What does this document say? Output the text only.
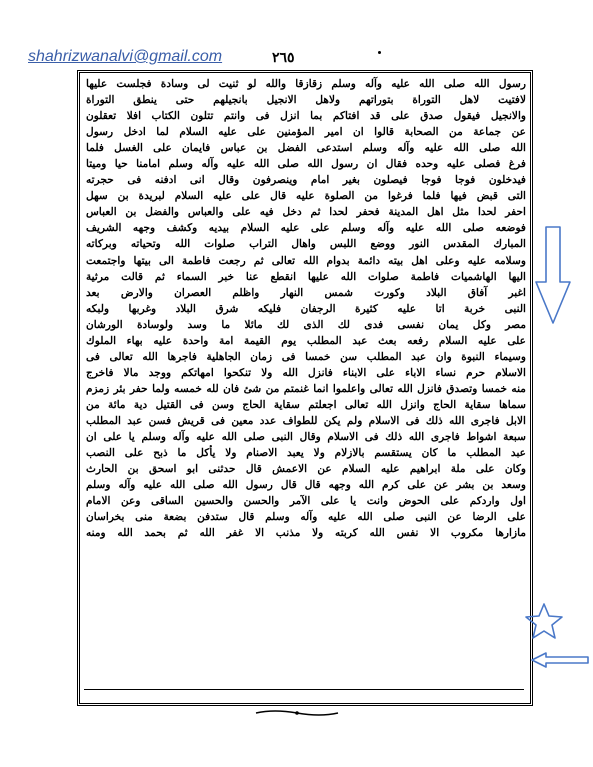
shahrizwanalvi@gmail.com	٢٦٥
رسول الله صلى الله عليه وآله وسلم زقازقا والله لو ثنيت لى وسادة فجلست عليها
لافتيت لاهل التوراة بتوراتهم ولاهل الانجيل بانجيلهم حتى ينطق التوراة
والانجيل فيقول صدق على قد افتاكم بما انزل فى وانتم تتلون الكتاب افلا تعقلون
عن جماعة من الصحابة قالوا ان امير المؤمنين على عليه السلام لما ادخل رسول
الله صلى الله عليه وآله وسلم استدعى الفضل بن عباس فايمان على الغسل فلما
فرغ فصلى عليه وحده فقال ان رسول الله صلى الله عليه وآله وسلم امامنا حيا وميتا
فيدخلون فوجا فوجا فيصلون بغير امام وينصرفون وقال انى ادفنه فى حجرته
التى قبض فيها فلما فرغوا من الصلوة عليه قال على عليه السلام لبريدة بن سهل
احفر لحدا مثل اهل المدينة فحفر لحدا ثم دخل فيه على والعباس والفضل بن العباس
فوضعه صلى الله عليه وآله وسلم على عليه السلام بيديه وكشف وجهه الشريف
المبارك المقدس النور ووضع اللبس واهال التراب صلوات الله وتحياته وبركاته
وسلامه عليه وعلى اهل بيته دائمة بدوام الله تعالى ثم رجعت فاطمة الى بيتها واجتمعت
اليها الهاشميات فاطمة صلوات الله عليها انقطع عنا خبر السماء ثم قالت مرثية
اغبر آفاق البلاد وكورت شمس النهار واظلم العصران والارض بعد
النبى خربة اتا عليه كثيرة الرجفان فليكه شرق البلاد وغربها ولبكه
مصر وكل يمان نفسى فدى لك الذى لك مائلا ما وسد ولوسادة الورشان
على عليه السلام رفعه بعث عبد المطلب يوم القيمة امة واحدة عليه بهاء الملوك
وسيماء النبوة وان عبد المطلب سن خمسا فى زمان الجاهلية فاجرها الله تعالى فى
الاسلام حرم نساء الاباء على الابناء فانزل الله ولا تنكحوا امهاتكم ووجد مالا فاخرج
منه خمسا وتصدق فانزل الله تعالى واعلموا انما غنمتم من شئ فان لله خمسه ولما حفر بئر زمزم
سماها سقاية الحاج وانزل الله تعالى اجعلتم سقاية الحاج وسن فى القتيل دية مائة من
الابل فاجرى الله ذلك فى الاسلام ولم يكن للطواف عدد معين فى قريش فسن عبد المطلب
سبعة اشواط فاجرى الله ذلك فى الاسلام وقال النبى صلى الله عليه وآله وسلم يا على ان
عبد المطلب ما كان يستقسم بالازلام ولا يعبد الاصنام ولا يأكل ما ذبح على النصب
وكان على ملة ابراهيم عليه السلام عن الاعمش قال حدثنى ابو اسحق بن الحارث
وسعد بن بشر عن على كرم الله وجهه قال قال رسول الله صلى الله عليه وآله وسلم
اول واردكم على الحوض وانت يا على الآمر والحسن والحسين الساقى وعن الامام
على الرضا عن النبى صلى الله عليه وآله وسلم قال ستدفن بضعة منى بخراسان
مازارها مكروب الا نفس الله كربته ولا مذنب الا غفر الله ثم بحمد الله ومنه
